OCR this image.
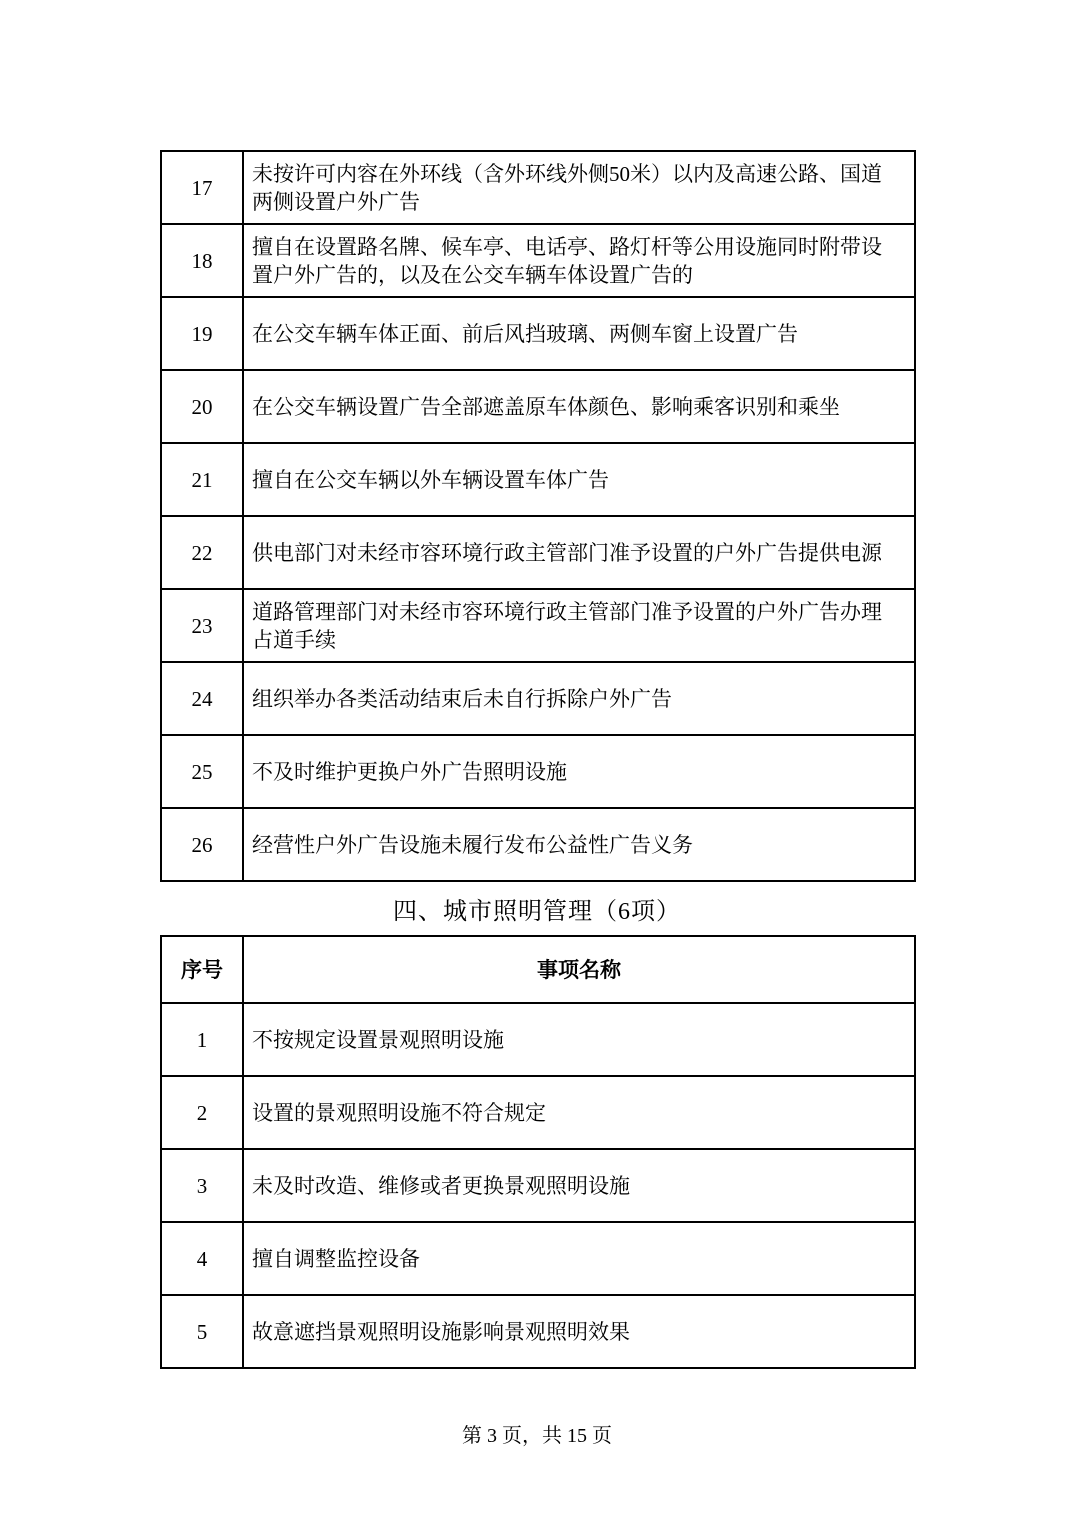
17	未按许可内容在外环线（含外环线外侧50米）以内及高速公路、国道两侧设置户外广告
18	擅自在设置路名牌、候车亭、电话亭、路灯杆等公用设施同时附带设置户外广告的，以及在公交车辆车体设置广告的
19	在公交车辆车体正面、前后风挡玻璃、两侧车窗上设置广告
20	在公交车辆设置广告全部遮盖原车体颜色、影响乘客识别和乘坐
21	擅自在公交车辆以外车辆设置车体广告
22	供电部门对未经市容环境行政主管部门准予设置的户外广告提供电源
23	道路管理部门对未经市容环境行政主管部门准予设置的户外广告办理占道手续
24	组织举办各类活动结束后未自行拆除户外广告
25	不及时维护更换户外广告照明设施
26	经营性户外广告设施未履行发布公益性广告义务
四、城市照明管理（6项）
序号	事项名称
1	不按规定设置景观照明设施
2	设置的景观照明设施不符合规定
3	未及时改造、维修或者更换景观照明设施
4	擅自调整监控设备
5	故意遮挡景观照明设施影响景观照明效果
第 3 页，共 15 页
